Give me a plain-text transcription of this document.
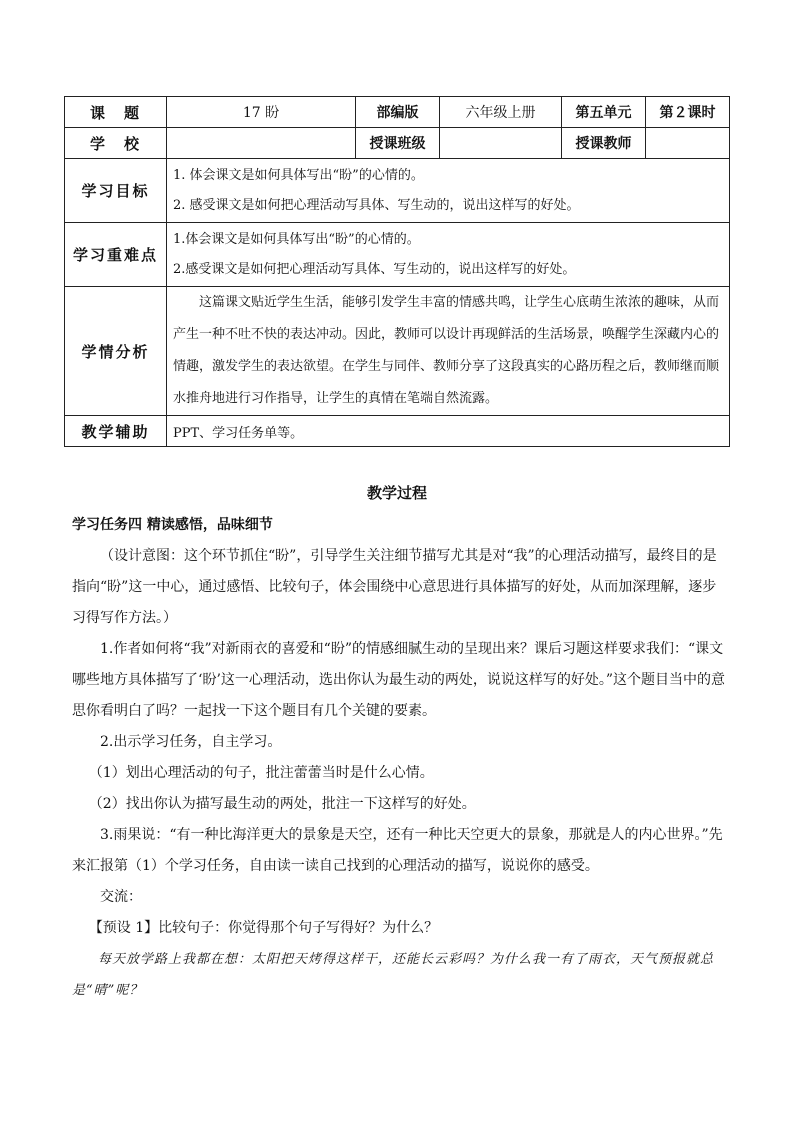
课　题	17 盼	部编版	六年级上册	第五单元	第２课时
学　校		授课班级		授课教师	
学习目标	1. 体会课文是如何具体写出“盼”的心情的。

2. 感受课文是如何把心理活动写具体、写生动的，说出这样写的好处。				

学习重难点	1.体会课文是如何具体写出“盼”的心情的。

2.感受课文是如何把心理活动写具体、写生动的，说出这样写的好处。				

学情分析	这篇课文贴近学生生活，能够引发学生丰富的情感共鸣，让学生心底萌生浓浓的趣味，从而产生一种不吐不快的表达冲动。因此，教师可以设计再现鲜活的生活场景，唤醒学生深藏内心的情趣，激发学生的表达欲望。在学生与同伴、教师分享了这段真实的心路历程之后，教师继而顺水推舟地进行习作指导，让学生的真情在笔端自然流露。				
教学辅助	PPT、学习任务单等。				
教学过程

学习任务四 精读感悟，品味细节

（设计意图：这个环节抓住“盼”，引导学生关注细节描写尤其是对“我”的心理活动描写，最终目的是指向“盼”这一中心，通过感悟、比较句子，体会围绕中心意思进行具体描写的好处，从而加深理解，逐步习得写作方法。）

1.作者如何将“我”对新雨衣的喜爱和“盼”的情感细腻生动的呈现出来？课后习题这样要求我们：“课文哪些地方具体描写了‘盼’这一心理活动，选出你认为最生动的两处，说说这样写的好处。”这个题目当中的意思你看明白了吗？一起找一下这个题目有几个关键的要素。

2.出示学习任务，自主学习。

（1）划出心理活动的句子，批注蕾蕾当时是什么心情。

（2）找出你认为描写最生动的两处，批注一下这样写的好处。

3.雨果说：“有一种比海洋更大的景象是天空，还有一种比天空更大的景象，那就是人的内心世界。”先来汇报第（1）个学习任务，自由读一读自己找到的心理活动的描写，说说你的感受。

交流：

【预设 1】比较句子：你觉得那个句子写得好？为什么？

每天放学路上我都在想：太阳把天烤得这样干，还能长云彩吗？为什么我一有了雨衣，天气预报就总是“晴”呢？
